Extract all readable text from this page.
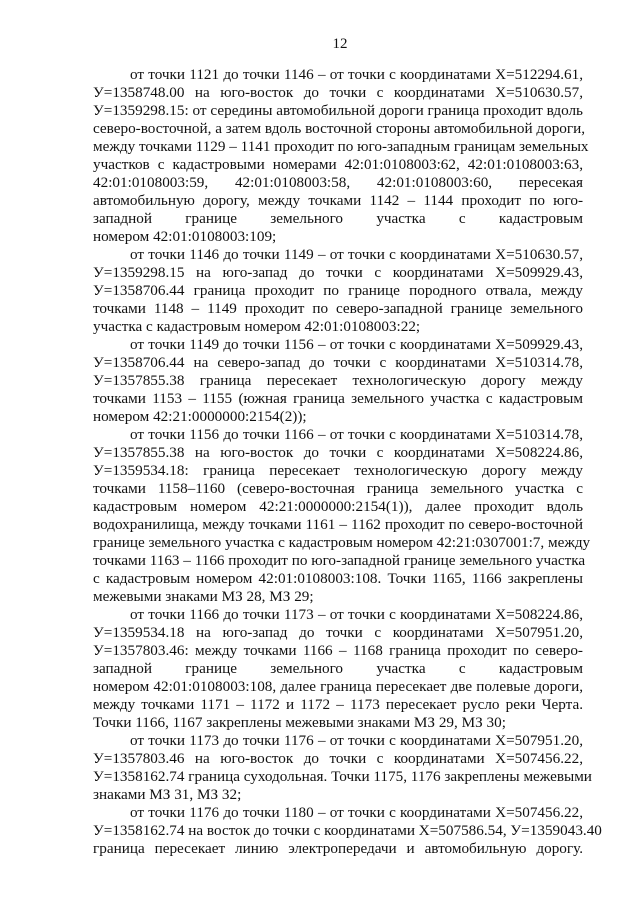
12
от точки 1121 до точки 1146 – от точки с координатами Х=512294.61,
У=1358748.00 на юго-восток до точки с координатами Х=510630.57,
У=1359298.15: от середины автомобильной дороги граница проходит вдоль
северо-восточной, а затем вдоль восточной стороны автомобильной дороги,
между точками 1129 – 1141 проходит по юго-западным границам земельных
участков с кадастровыми номерами 42:01:0108003:62, 42:01:0108003:63,
42:01:0108003:59, 42:01:0108003:58, 42:01:0108003:60, пересекая
автомобильную дорогу, между точками 1142 – 1144 проходит по юго-
западной границе земельного участка с кадастровым
номером 42:01:0108003:109;
от точки 1146 до точки 1149 – от точки с координатами Х=510630.57,
У=1359298.15 на юго-запад до точки с координатами Х=509929.43,
У=1358706.44 граница проходит по границе породного отвала, между
точками 1148 – 1149 проходит по северо-западной границе земельного
участка с кадастровым номером 42:01:0108003:22;
от точки 1149 до точки 1156 – от точки с координатами Х=509929.43,
У=1358706.44 на северо-запад до точки с координатами Х=510314.78,
У=1357855.38 граница пересекает технологическую дорогу между
точками 1153 – 1155 (южная граница земельного участка с кадастровым
номером 42:21:0000000:2154(2));
от точки 1156 до точки 1166 – от точки с координатами Х=510314.78,
У=1357855.38 на юго-восток до точки с координатами Х=508224.86,
У=1359534.18: граница пересекает технологическую дорогу между
точками 1158–1160 (северо-восточная граница земельного участка с
кадастровым номером 42:21:0000000:2154(1)), далее проходит вдоль
водохранилища, между точками 1161 – 1162 проходит по северо-восточной
границе земельного участка с кадастровым номером 42:21:0307001:7, между
точками 1163 – 1166 проходит по юго-западной границе земельного участка
с кадастровым номером 42:01:0108003:108. Точки 1165, 1166 закреплены
межевыми знаками МЗ 28, МЗ 29;
от точки 1166 до точки 1173 – от точки с координатами Х=508224.86,
У=1359534.18 на юго-запад до точки с координатами Х=507951.20,
У=1357803.46: между точками 1166 – 1168 граница проходит по северо-
западной границе земельного участка с кадастровым
номером 42:01:0108003:108, далее граница пересекает две полевые дороги,
между точками 1171 – 1172 и 1172 – 1173 пересекает русло реки Черта.
Точки 1166, 1167 закреплены межевыми знаками МЗ 29, МЗ 30;
от точки 1173 до точки 1176 – от точки с координатами Х=507951.20,
У=1357803.46 на юго-восток до точки с координатами Х=507456.22,
У=1358162.74 граница суходольная. Точки 1175, 1176 закреплены межевыми
знаками МЗ 31, МЗ 32;
от точки 1176 до точки 1180 – от точки с координатами Х=507456.22,
У=1358162.74 на восток до точки с координатами Х=507586.54, У=1359043.40
граница пересекает линию электропередачи и автомобильную дорогу.
